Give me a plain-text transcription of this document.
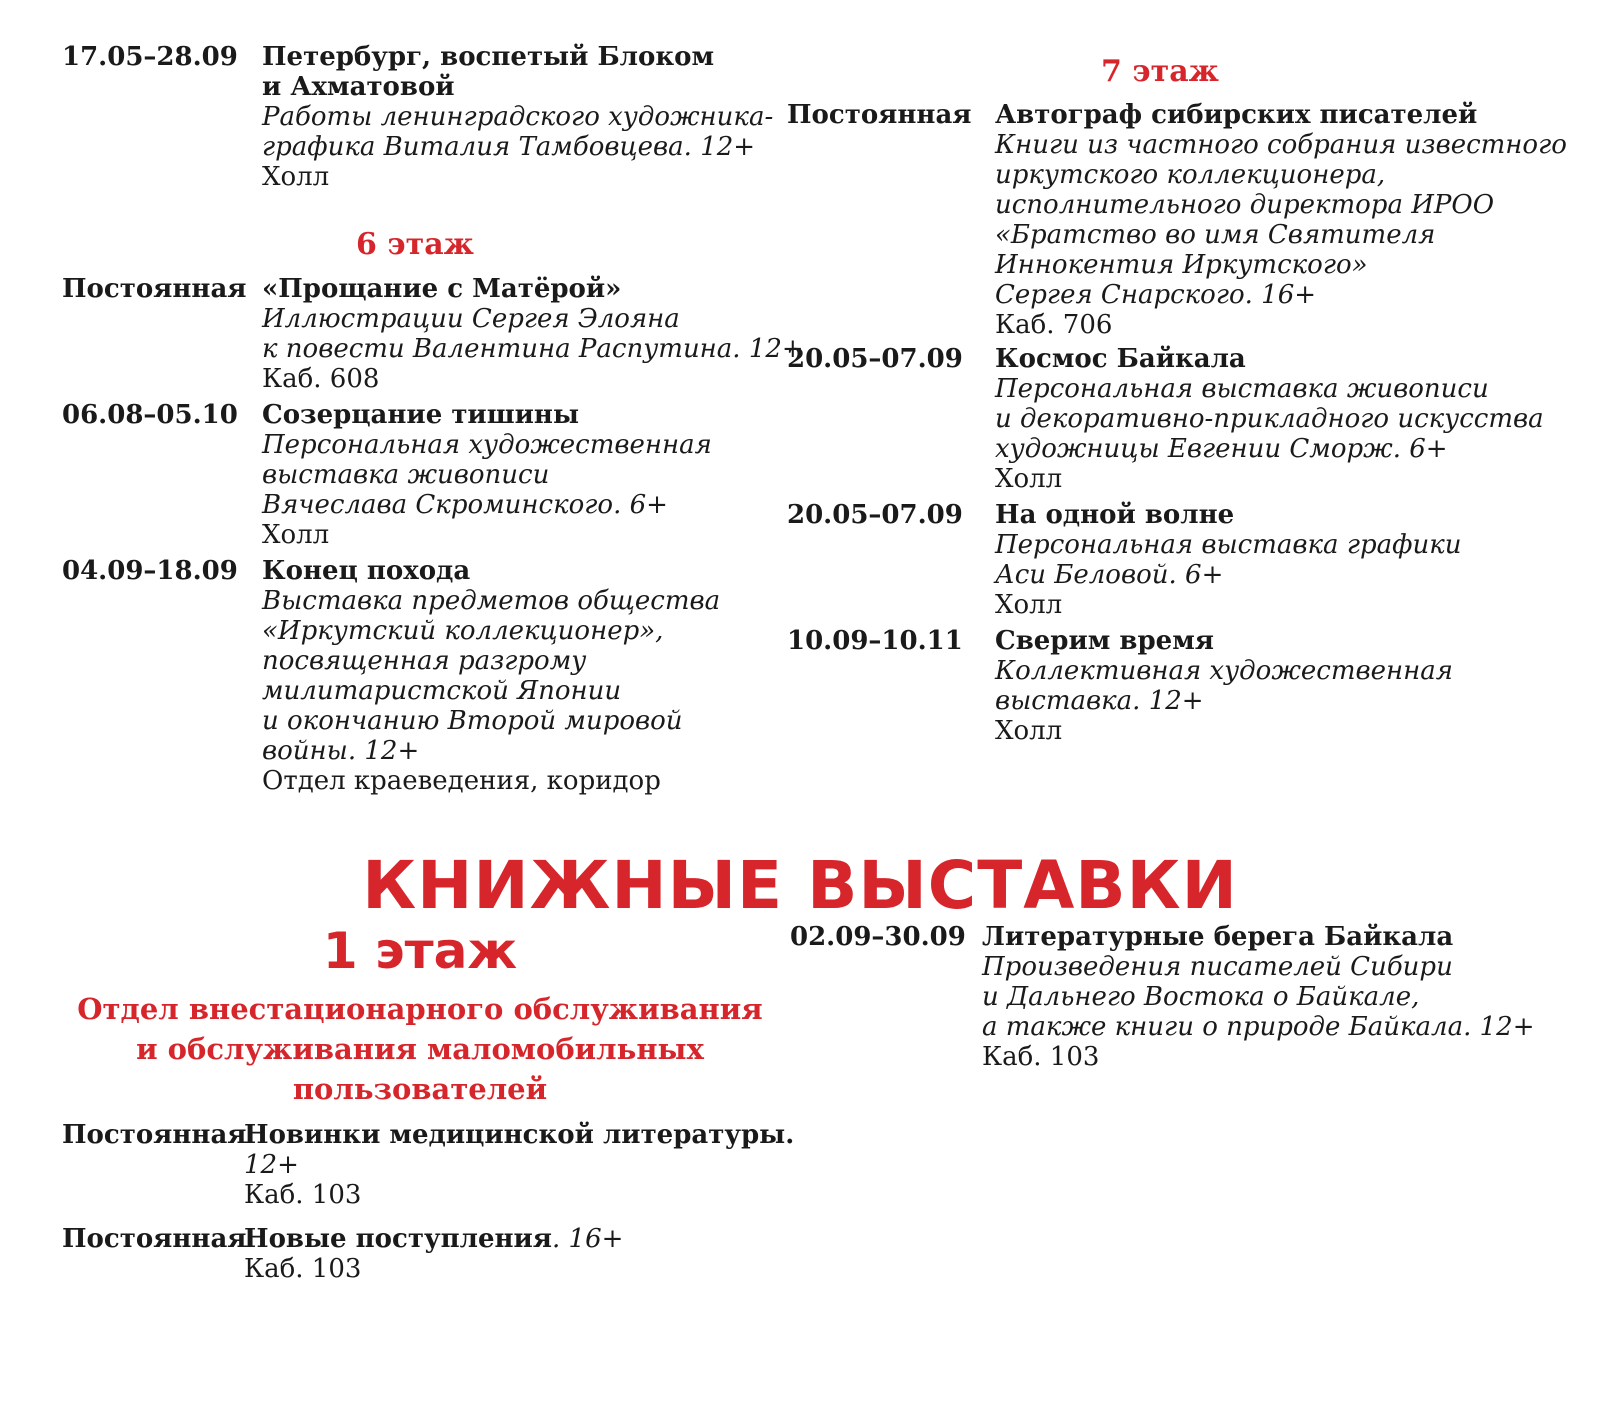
17.05–28.09 Петербург, воспетый Блоком
и Ахматовой
Работы ленинградского художника-
графика Виталия Тамбовцева. 12+
Холл
6 этаж
Постоянная «Прощание с Матёрой»
Иллюстрации Сергея Элояна
к повести Валентина Распутина. 12+
Каб. 608
06.08–05.10 Созерцание тишины
Персональная художественная
выставка живописи
Вячеслава Скроминского. 6+
Холл
04.09–18.09 Конец похода
Выставка предметов общества
«Иркутский коллекционер»,
посвященная разгрому
милитаристской Японии
и окончанию Второй мировой
войны. 12+
Отдел краеведения, коридор
7 этаж
Постоянная Автограф сибирских писателей
Книги из частного собрания известного
иркутского коллекционера,
исполнительного директора ИРОО
«Братство во имя Святителя
Иннокентия Иркутского»
Сергея Снарского. 16+
Каб. 706
20.05–07.09	Космос Байкала
Персональная выставка живописи
и декоративно-прикладного искусства
художницы Евгении Сморж. 6+
Холл
20.05–07.09	На одной волне
Персональная выставка графики
Аси Беловой. 6+
Холл
10.09–10.11	Сверим время
Коллективная художественная
выставка. 12+
Холл
КНИЖНЫЕ ВЫСТАВКИ
1 этаж
Отдел внестационарного обслуживания
и обслуживания маломобильных
пользователей
Постоянная
Новинки медицинской литературы.
12+
Каб. 103
Постоянная
Новые поступления. 16+
Каб. 103
02.09–30.09 Литературные берега Байкала
Произведения писателей Сибири
и Дальнего Востока о Байкале,
а также книги о природе Байкала. 12+
Каб. 103
